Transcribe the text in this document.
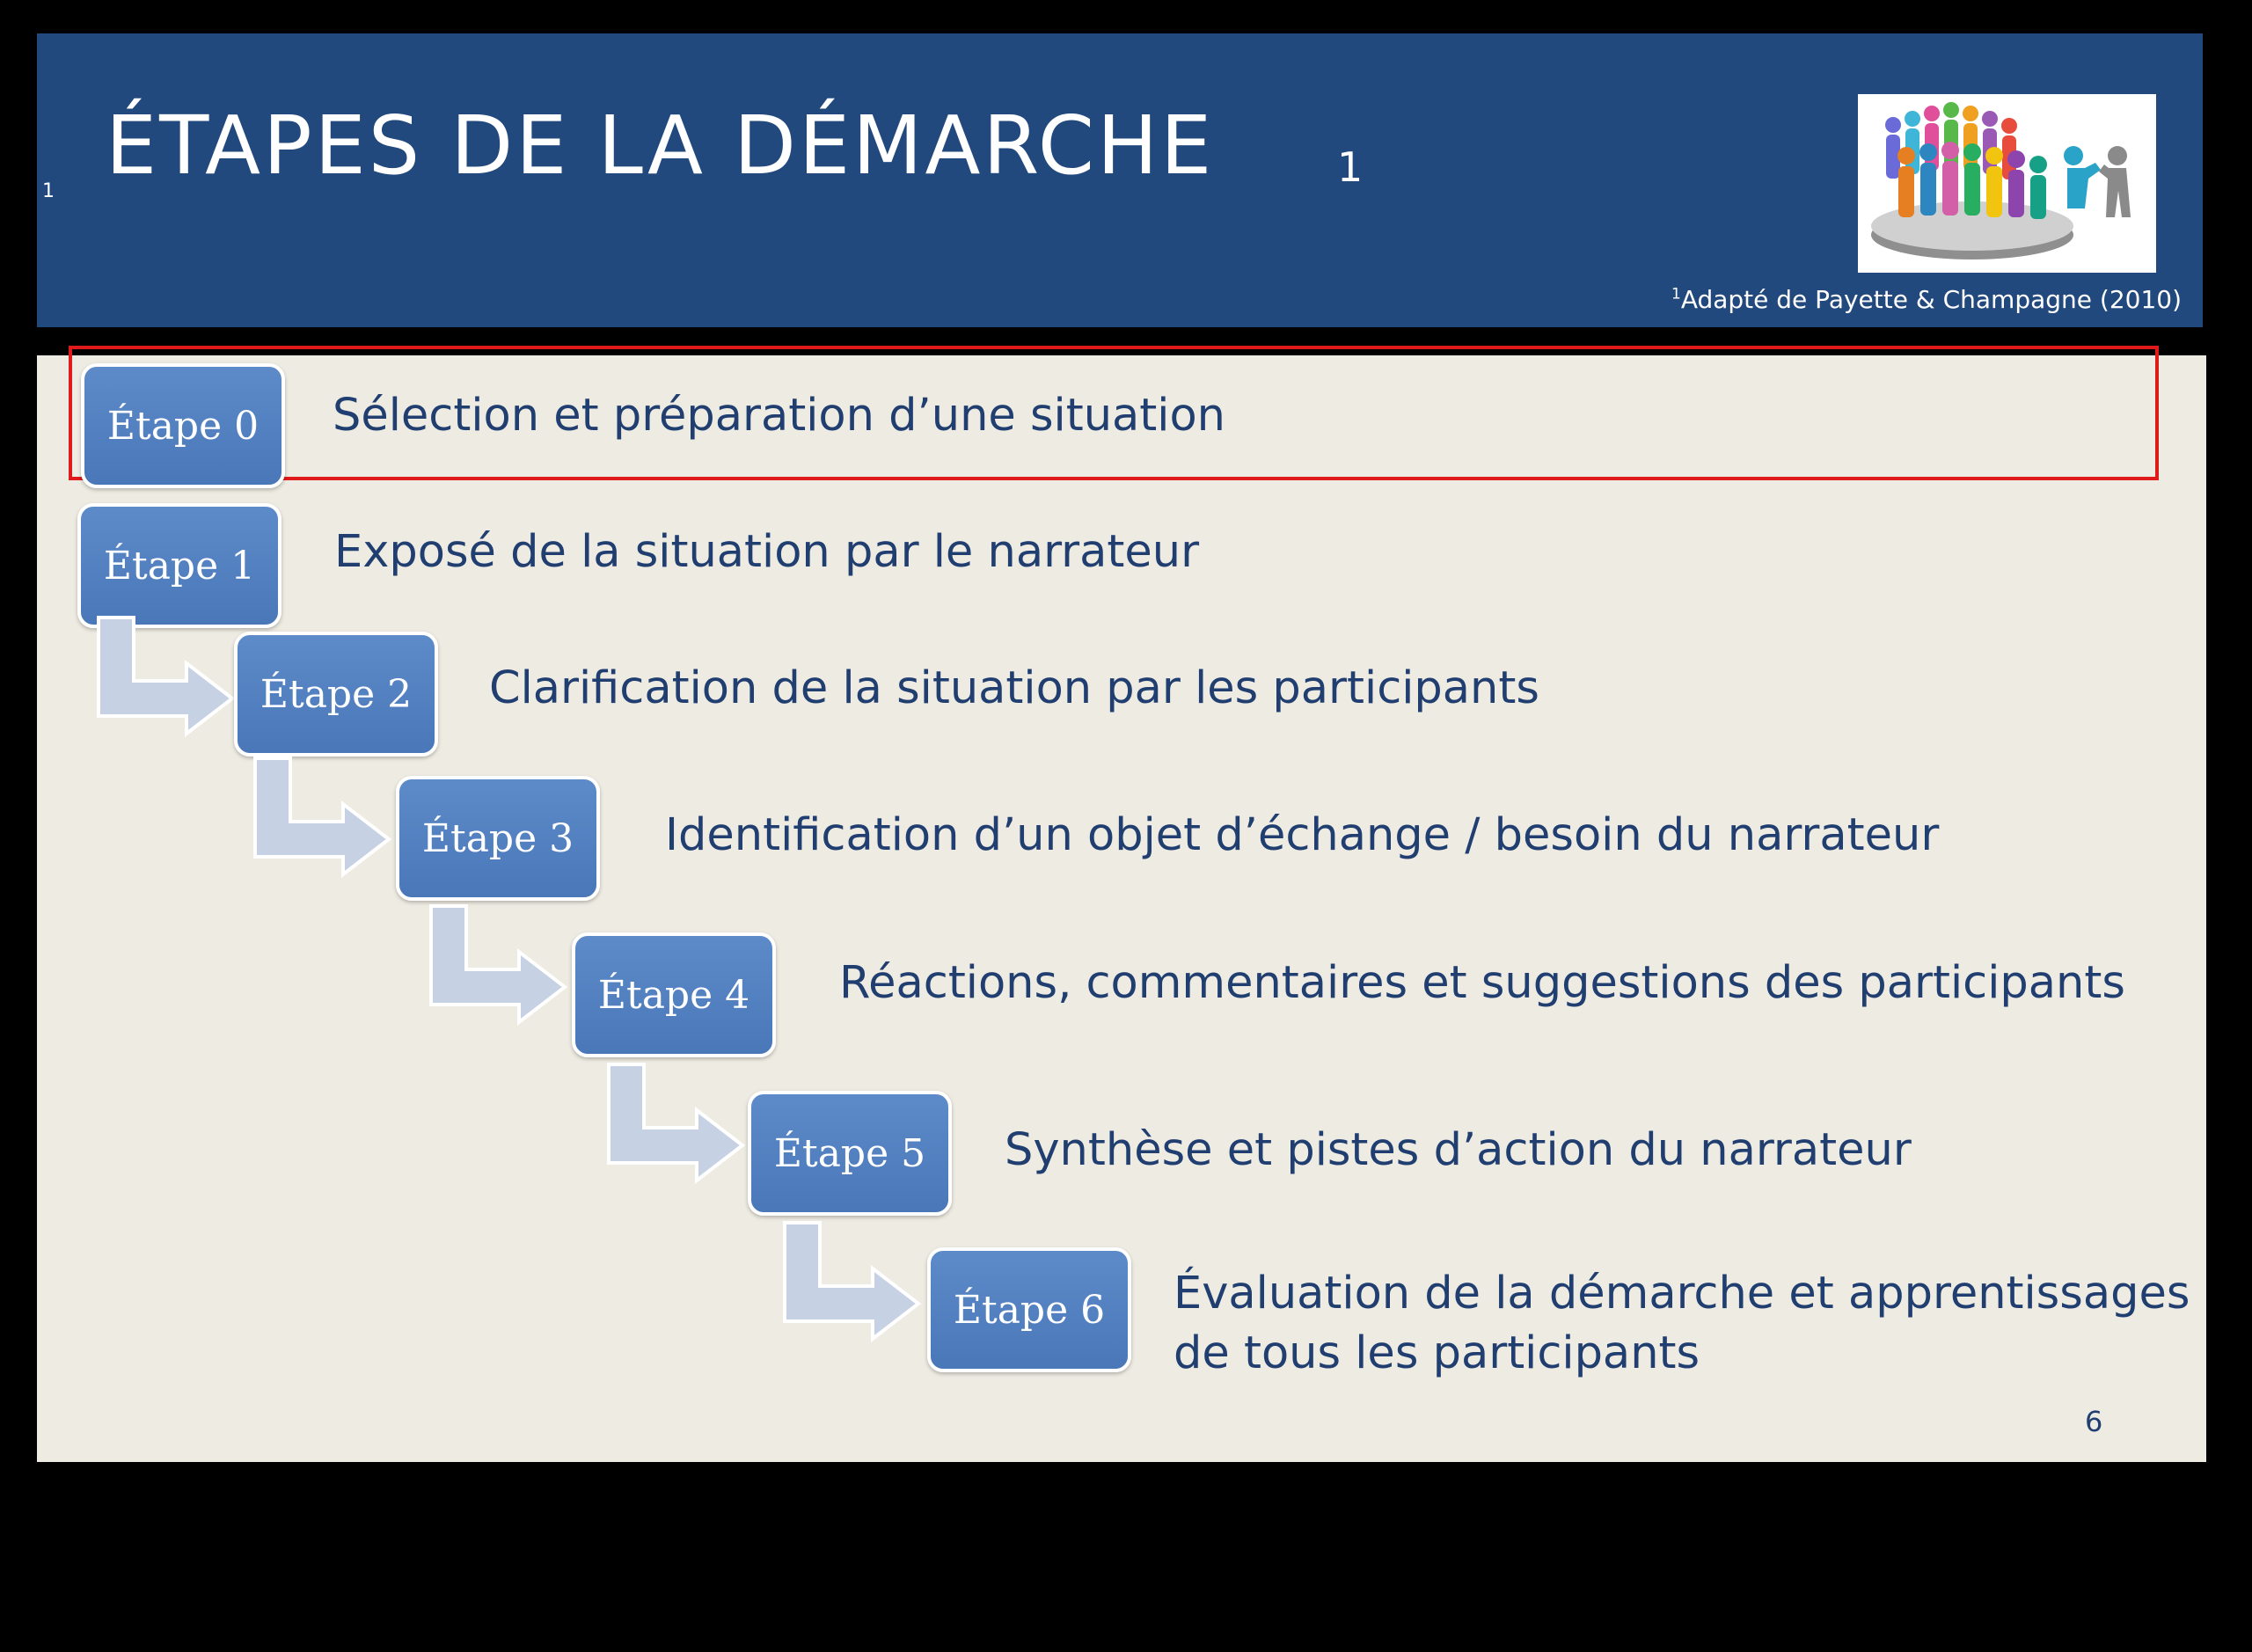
1 ÉTAPES DE LA DÉMARCHE	1
$^1$Adapté de Payette & Champagne (2010)
Étape 0	Sélection et préparation d’une situation
Étape 1	Exposé de la situation par le narrateur
Étape 2	Clarification de la situation par les participants
Étape 3	Identification d’un objet d’échange / besoin du narrateur
Étape 4	Réactions, commentaires et suggestions des participants
Étape 5	Synthèse et pistes d’action du narrateur
Étape 6	Évaluation de la démarche et apprentissages
de tous les participants
6
